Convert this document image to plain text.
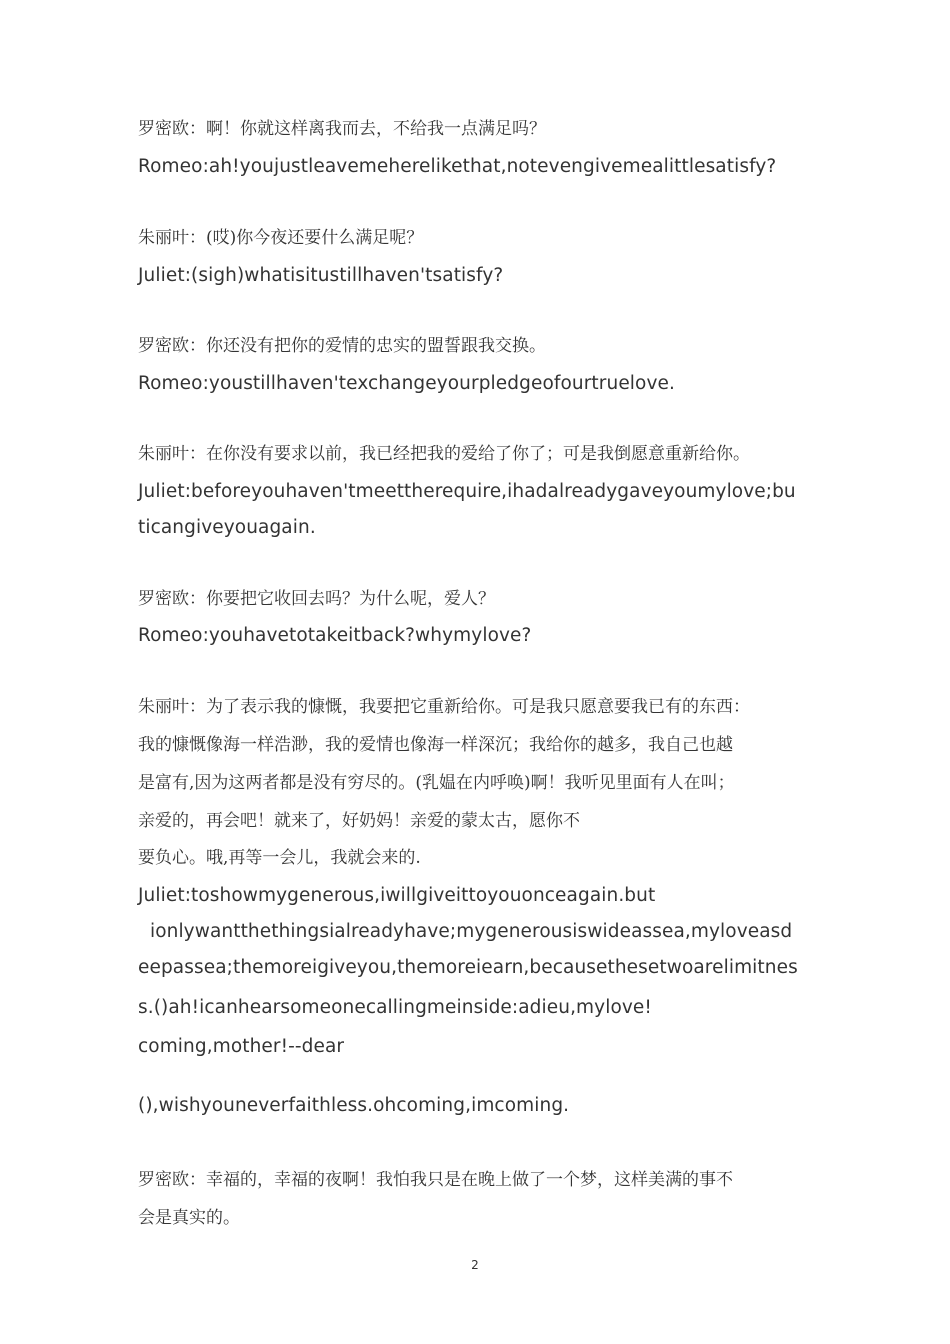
罗密欧：啊！你就这样离我而去，不给我一点满足吗？
Romeo:ah!youjustleavemeherelikethat,notevengivemealittlesatisfy?
朱丽叶：(哎)你今夜还要什么满足呢？
Juliet:(sigh)whatisitustillhaven'tsatisfy?
罗密欧：你还没有把你的爱情的忠实的盟誓跟我交换。
Romeo:youstillhaven'texchangeyourpledgeofourtruelove.
朱丽叶：在你没有要求以前，我已经把我的爱给了你了；可是我倒愿意重新给你。
Juliet:beforeyouhaven'tmeettherequire,ihadalreadygaveyoumylove;bu
ticangiveyouagain.
罗密欧：你要把它收回去吗？为什么呢，爱人？
Romeo:youhavetotakeitback?whymylove?
朱丽叶：为了表示我的慷慨，我要把它重新给你。可是我只愿意要我已有的东西：
我的慷慨像海一样浩渺，我的爱情也像海一样深沉；我给你的越多，我自己也越
是富有,因为这两者都是没有穷尽的。(乳媪在内呼唤)啊！我听见里面有人在叫；
亲爱的，再会吧！就来了，好奶妈！亲爱的蒙太古，愿你不
要负心。哦,再等一会儿，我就会来的.
Juliet:toshowmygenerous,iwillgiveittoyouonceagain.but
ionlywantthethingsialreadyhave;mygenerousiswideassea,myloveasd
eepassea;themoreigiveyou,themoreiearn,becausethesetwoarelimitnes
s.()ah!icanhearsomeonecallingmeinside:adieu,mylove!
coming,mother!--dear
(),wishyouneverfaithless.ohcoming,imcoming.
罗密欧：幸福的，幸福的夜啊！我怕我只是在晚上做了一个梦，这样美满的事不
会是真实的。
2
